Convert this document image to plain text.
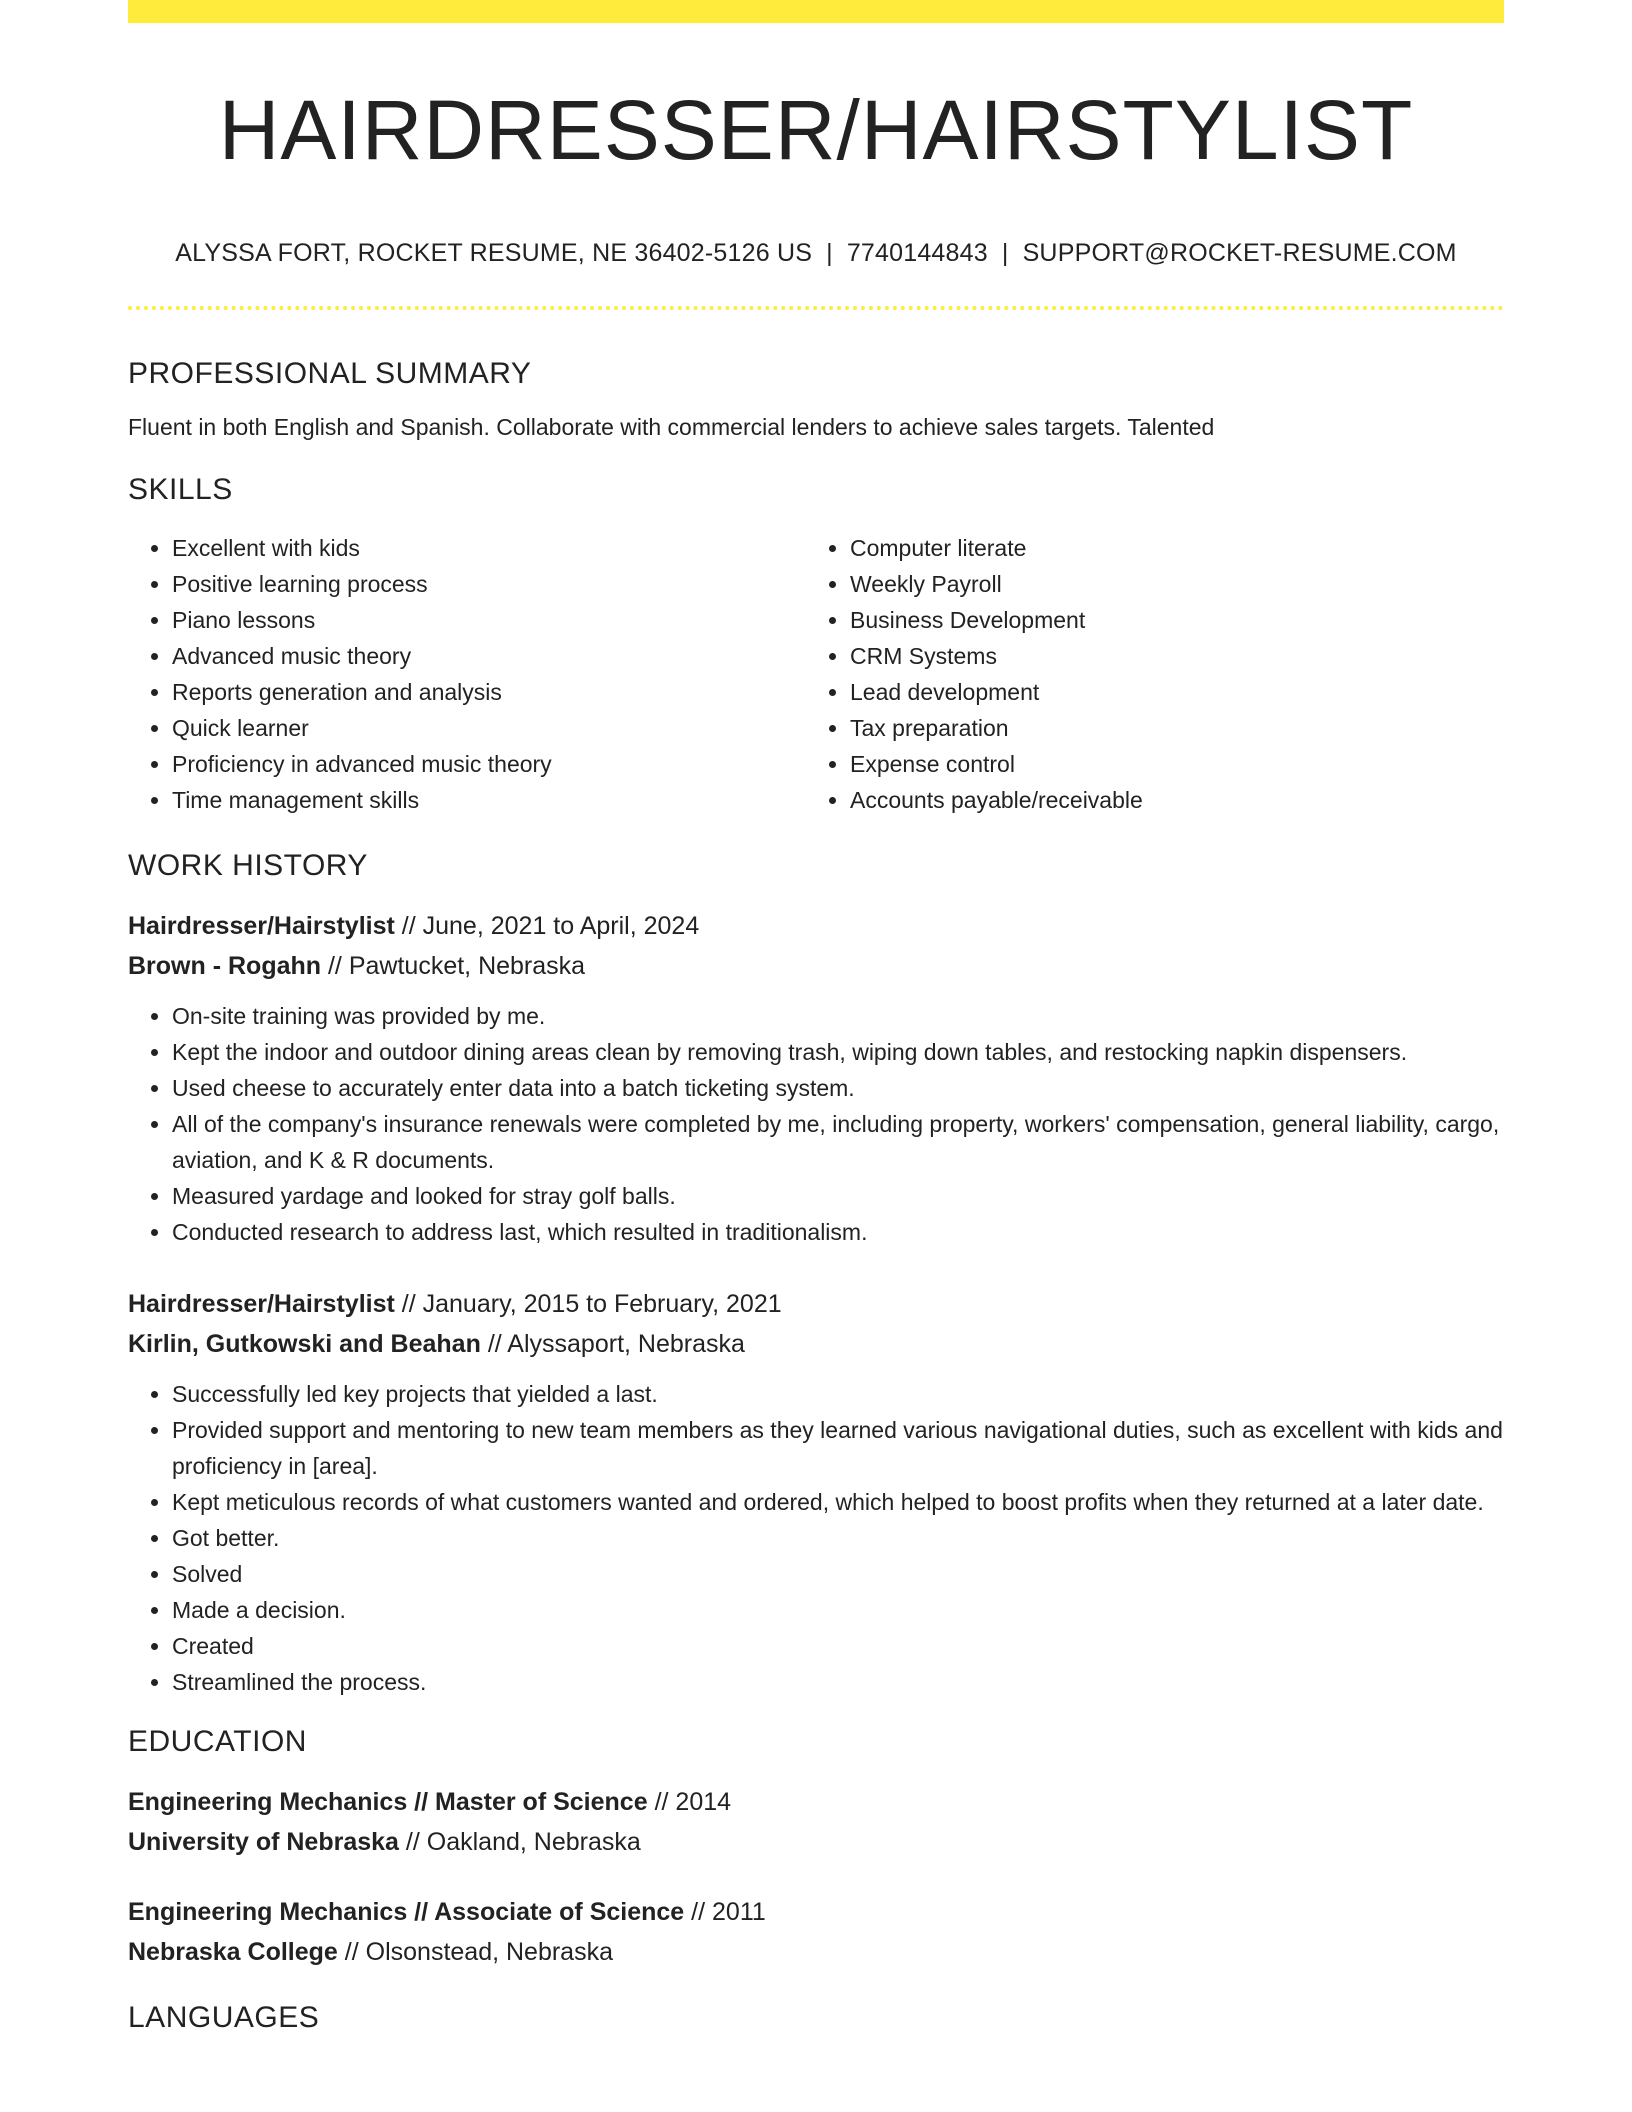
HAIRDRESSER/HAIRSTYLIST
ALYSSA FORT, ROCKET RESUME, NE 36402-5126 US | 7740144843 | SUPPORT@ROCKET-RESUME.COM
PROFESSIONAL SUMMARY

Fluent in both English and Spanish. Collaborate with commercial lenders to achieve sales targets. Talented

SKILLS
• Excellent with kids
• Positive learning process
• Piano lessons
• Advanced music theory
• Reports generation and analysis
• Quick learner
• Proficiency in advanced music theory
• Time management skills
• Computer literate
• Weekly Payroll
• Business Development
• CRM Systems
• Lead development
• Tax preparation
• Expense control
• Accounts payable/receivable
WORK HISTORY
Hairdresser/Hairstylist // June, 2021 to April, 2024
Brown - Rogahn // Pawtucket, Nebraska
• On-site training was provided by me.
• Kept the indoor and outdoor dining areas clean by removing trash, wiping down tables, and restocking napkin dispensers.
• Used cheese to accurately enter data into a batch ticketing system.
• All of the company's insurance renewals were completed by me, including property, workers' compensation, general liability, cargo, aviation, and K & R documents.
• Measured yardage and looked for stray golf balls.
• Conducted research to address last, which resulted in traditionalism.
Hairdresser/Hairstylist // January, 2015 to February, 2021
Kirlin, Gutkowski and Beahan // Alyssaport, Nebraska
• Successfully led key projects that yielded a last.
• Provided support and mentoring to new team members as they learned various navigational duties, such as excellent with kids and proficiency in [area].
• Kept meticulous records of what customers wanted and ordered, which helped to boost profits when they returned at a later date.
• Got better.
• Solved
• Made a decision.
• Created
• Streamlined the process.
EDUCATION
Engineering Mechanics // Master of Science // 2014
University of Nebraska // Oakland, Nebraska
Engineering Mechanics // Associate of Science // 2011
Nebraska College // Olsonstead, Nebraska
LANGUAGES
